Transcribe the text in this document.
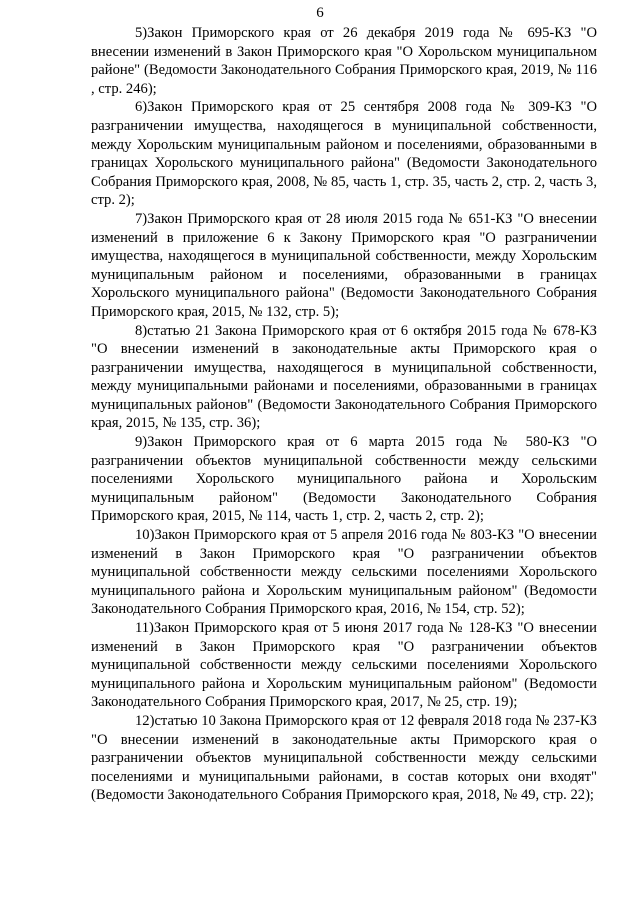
6

5)Закон Приморского края от 26 декабря 2019 года № 695-КЗ "О внесении изменений в Закон Приморского края "О Хорольском муниципальном районе" (Ведомости Законодательного Собрания Приморского края, 2019, № 116 , стр. 246);

6)Закон Приморского края от 25 сентября 2008 года № 309-КЗ "О разграничении имущества, находящегося в муниципальной собственности, между Хорольским муниципальным районом и поселениями, образованными в границах Хорольского муниципального района" (Ведомости Законодательного Собрания Приморского края, 2008, № 85, часть 1, стр. 35, часть 2, стр. 2, часть 3, стр. 2);

7)Закон Приморского края от 28 июля 2015 года № 651-КЗ "О внесении изменений в приложение 6 к Закону Приморского края "О разграничении имущества, находящегося в муниципальной собственности, между Хорольским муниципальным районом и поселениями, образованными в границах Хорольского муниципального района" (Ведомости Законодательного Собрания Приморского края, 2015, № 132, стр. 5);

8)статью 21 Закона Приморского края от 6 октября 2015 года № 678-КЗ "О внесении изменений в законодательные акты Приморского края о разграничении имущества, находящегося в муниципальной собственности, между муниципальными районами и поселениями, образованными в границах муниципальных районов" (Ведомости Законодательного Собрания Приморского края, 2015, № 135, стр. 36);

9)Закон Приморского края от 6 марта 2015 года № 580-КЗ "О разграничении объектов муниципальной собственности между сельскими поселениями Хорольского муниципального района и Хорольским муниципальным районом" (Ведомости Законодательного Собрания Приморского края, 2015, № 114, часть 1, стр. 2, часть 2, стр. 2);

10)Закон Приморского края от 5 апреля 2016 года № 803-КЗ "О внесении изменений в Закон Приморского края "О разграничении объектов муниципальной собственности между сельскими поселениями Хорольского муниципального района и Хорольским муниципальным районом" (Ведомости Законодательного Собрания Приморского края, 2016, № 154, стр. 52);

11)Закон Приморского края от 5 июня 2017 года № 128-КЗ "О внесении изменений в Закон Приморского края "О разграничении объектов муниципальной собственности между сельскими поселениями Хорольского муниципального района и Хорольским муниципальным районом" (Ведомости Законодательного Собрания Приморского края, 2017, № 25, стр. 19);

12)статью 10 Закона Приморского края от 12 февраля 2018 года № 237-КЗ "О внесении изменений в законодательные акты Приморского края о разграничении объектов муниципальной собственности между сельскими поселениями и муниципальными районами, в состав которых они входят" (Ведомости Законодательного Собрания Приморского края, 2018, № 49, стр. 22);
